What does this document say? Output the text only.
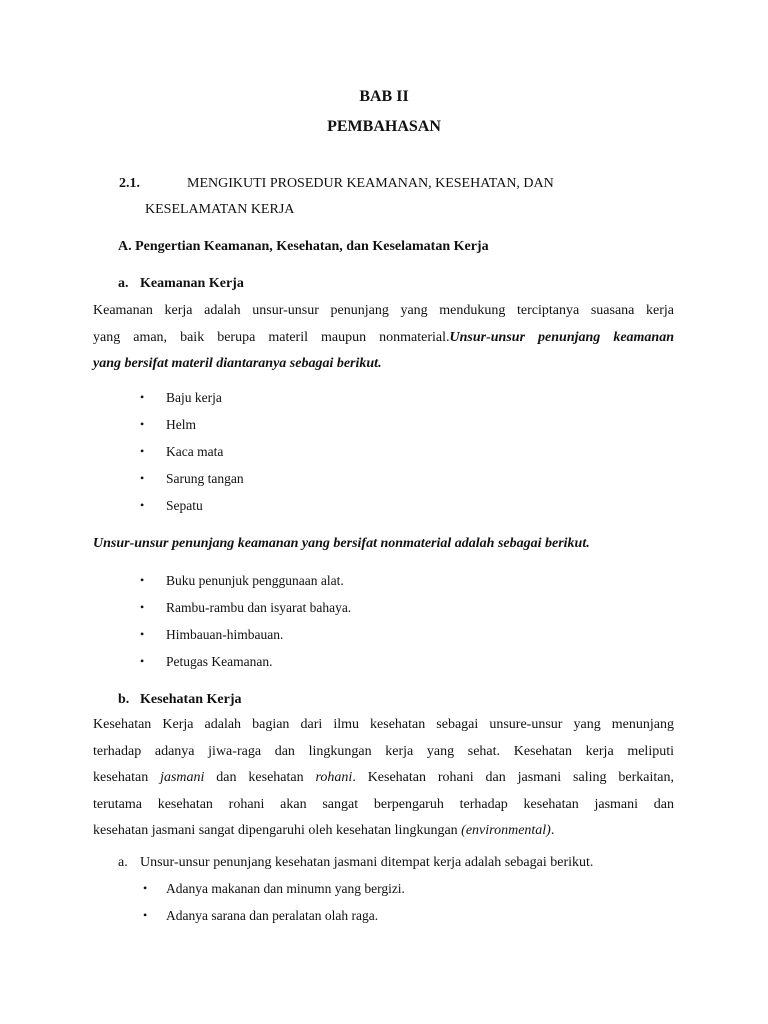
BAB II
PEMBAHASAN
2.1.	MENGIKUTI PROSEDUR KEAMANAN, KESEHATAN, DAN
KESELAMATAN KERJA
A. Pengertian Keamanan, Kesehatan, dan Keselamatan Kerja
a. Keamanan Kerja
Keamanan kerja adalah unsur-unsur penunjang yang mendukung terciptanya suasana kerja
yang aman, baik berupa materil maupun nonmaterial.Unsur-unsur penunjang keamanan
yang bersifat materil diantaranya sebagai berikut.
• Baju kerja
• Helm
• Kaca mata
• Sarung tangan
• Sepatu
Unsur-unsur penunjang keamanan yang bersifat nonmaterial adalah sebagai berikut.
• Buku penunjuk penggunaan alat.
• Rambu-rambu dan isyarat bahaya.
• Himbauan-himbauan.
• Petugas Keamanan.
b. Kesehatan Kerja
Kesehatan Kerja adalah bagian dari ilmu kesehatan sebagai unsure-unsur yang menunjang
terhadap adanya jiwa-raga dan lingkungan kerja yang sehat. Kesehatan kerja meliputi
kesehatan jasmani dan kesehatan rohani. Kesehatan rohani dan jasmani saling berkaitan,
terutama kesehatan rohani akan sangat berpengaruh terhadap kesehatan jasmani dan
kesehatan jasmani sangat dipengaruhi oleh kesehatan lingkungan (environmental).
a. Unsur-unsur penunjang kesehatan jasmani ditempat kerja adalah sebagai berikut.
• Adanya makanan dan minumn yang bergizi.
• Adanya sarana dan peralatan olah raga.
